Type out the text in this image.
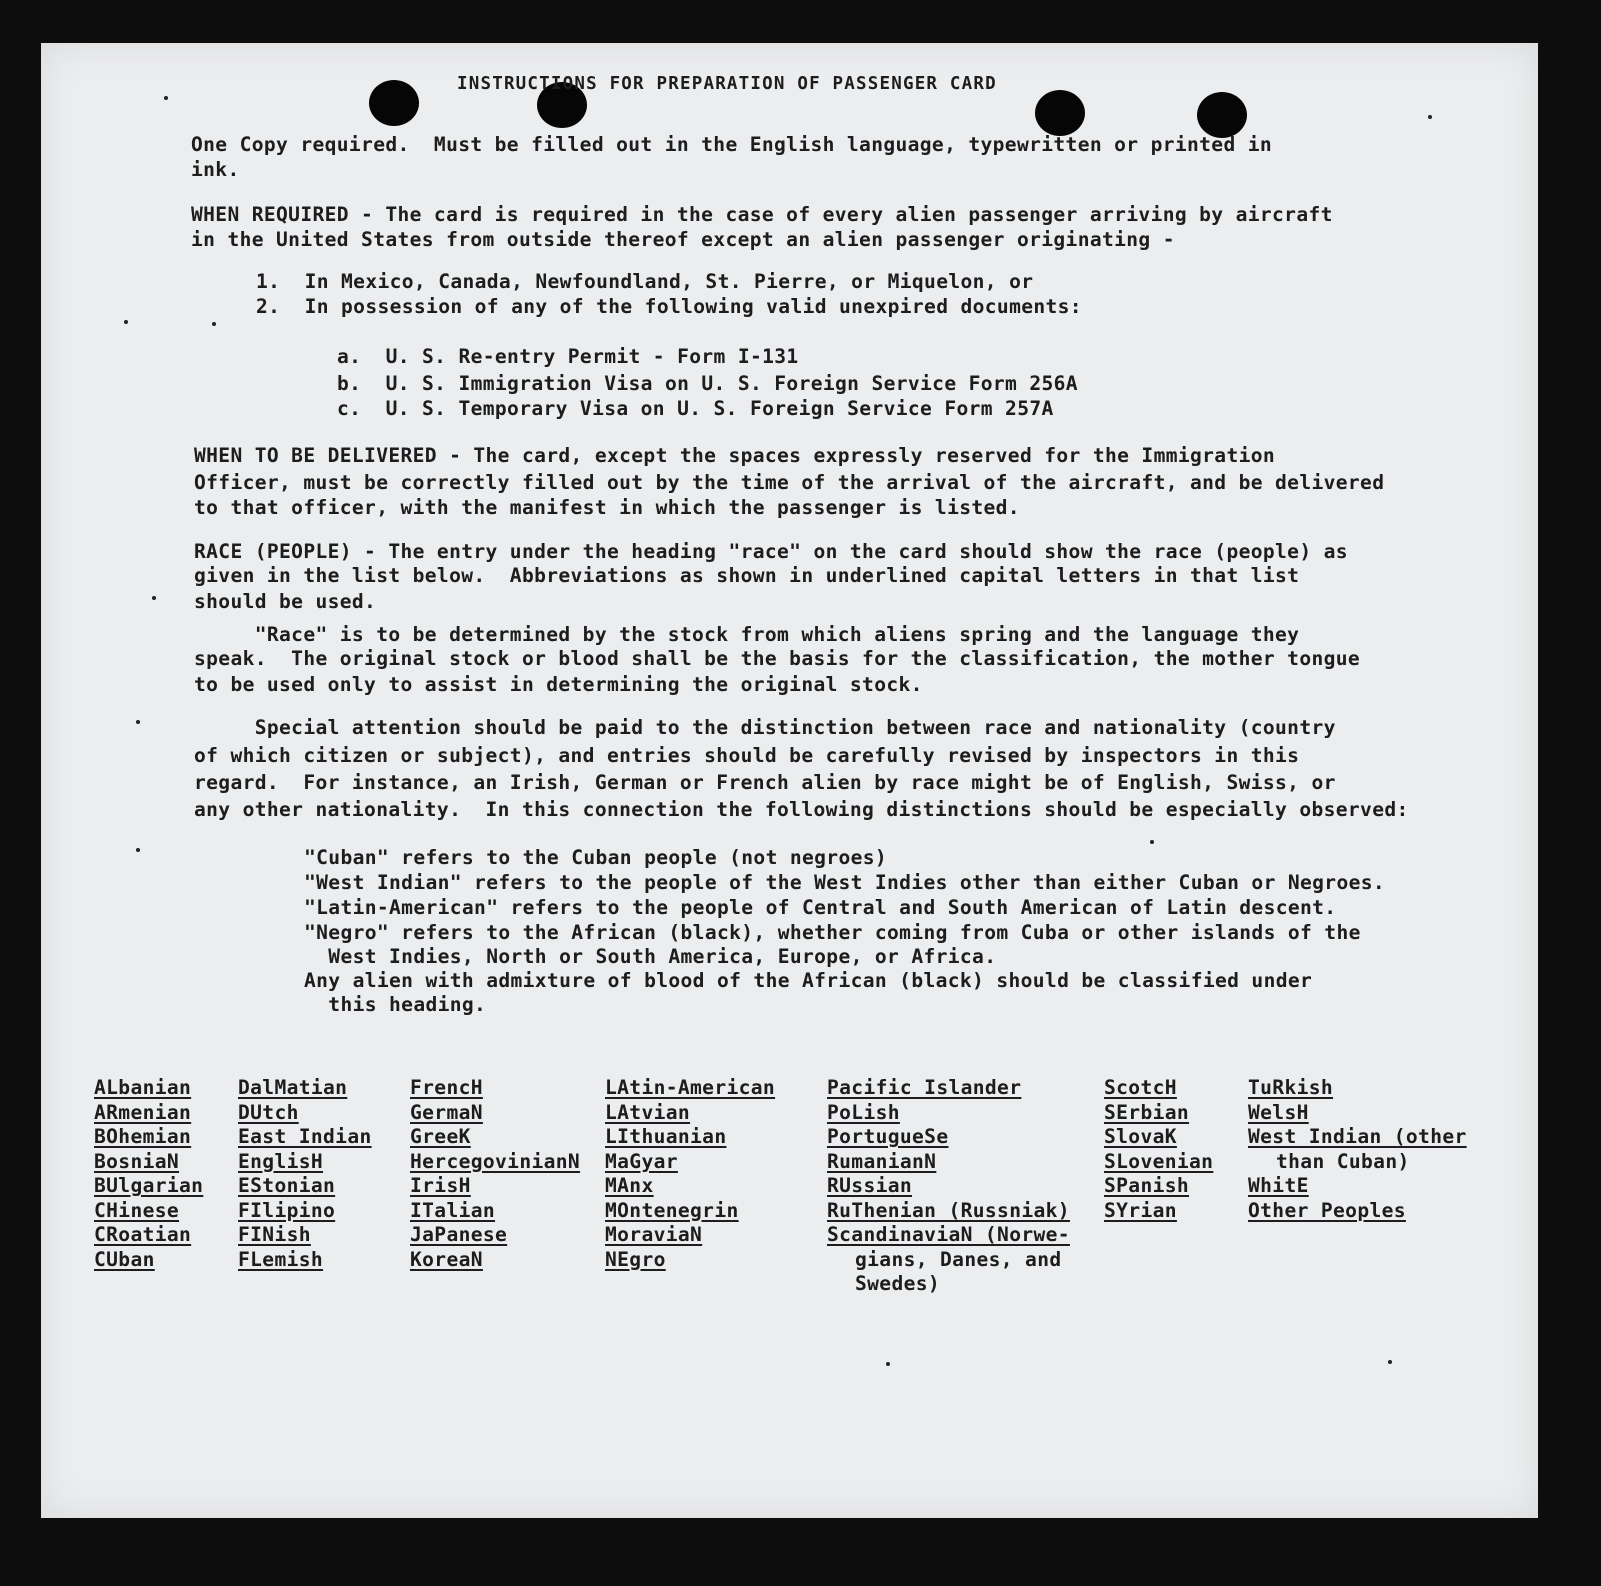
INSTRUCTIONS FOR PREPARATION OF PASSENGER CARD

One Copy required.  Must be filled out in the English language, typewritten or printed in

ink.

WHEN REQUIRED - The card is required in the case of every alien passenger arriving by aircraft

in the United States from outside thereof except an alien passenger originating -

1.  In Mexico, Canada, Newfoundland, St. Pierre, or Miquelon, or

2.  In possession of any of the following valid unexpired documents:

a.  U. S. Re-entry Permit - Form I-131

b.  U. S. Immigration Visa on U. S. Foreign Service Form 256A

c.  U. S. Temporary Visa on U. S. Foreign Service Form 257A

WHEN TO BE DELIVERED - The card, except the spaces expressly reserved for the Immigration

Officer, must be correctly filled out by the time of the arrival of the aircraft, and be delivered

to that officer, with the manifest in which the passenger is listed.

RACE (PEOPLE) - The entry under the heading "race" on the card should show the race (people) as

given in the list below.  Abbreviations as shown in underlined capital letters in that list

should be used.

"Race" is to be determined by the stock from which aliens spring and the language they

speak.  The original stock or blood shall be the basis for the classification, the mother tongue

to be used only to assist in determining the original stock.

Special attention should be paid to the distinction between race and nationality (country

of which citizen or subject), and entries should be carefully revised by inspectors in this

regard.  For instance, an Irish, German or French alien by race might be of English, Swiss, or

any other nationality.  In this connection the following distinctions should be especially observed:

"Cuban" refers to the Cuban people (not negroes)

"West Indian" refers to the people of the West Indies other than either Cuban or Negroes.

"Latin-American" refers to the people of Central and South American of Latin descent.

"Negro" refers to the African (black), whether coming from Cuba or other islands of the

West Indies, North or South America, Europe, or Africa.

Any alien with admixture of blood of the African (black) should be classified under

this heading.

ALbanian
ARmenian
BOhemian
BosniaN
BUlgarian
CHinese
CRoatian
CUban
DalMatian
DUtch
East Indian
EnglisH
EStonian
FIlipino
FINish
FLemish
FrencH
GermaN
GreeK
HercegovinianN
IrisH
ITalian
JaPanese
KoreaN
LAtin-American
LAtvian
LIthuanian
MaGyar
MAnx
MOntenegrin
MoraviaN
NEgro
Pacific Islander
PoLish
PortugueSe
RumanianN
RUssian
RuThenian (Russniak)
ScandinaviaN (Norwe-
gians, Danes, and
Swedes)
ScotcH
SErbian
SlovaK
SLovenian
SPanish
SYrian
TuRkish
WelsH
West Indian (other
than Cuban)
WhitE
Other Peoples
